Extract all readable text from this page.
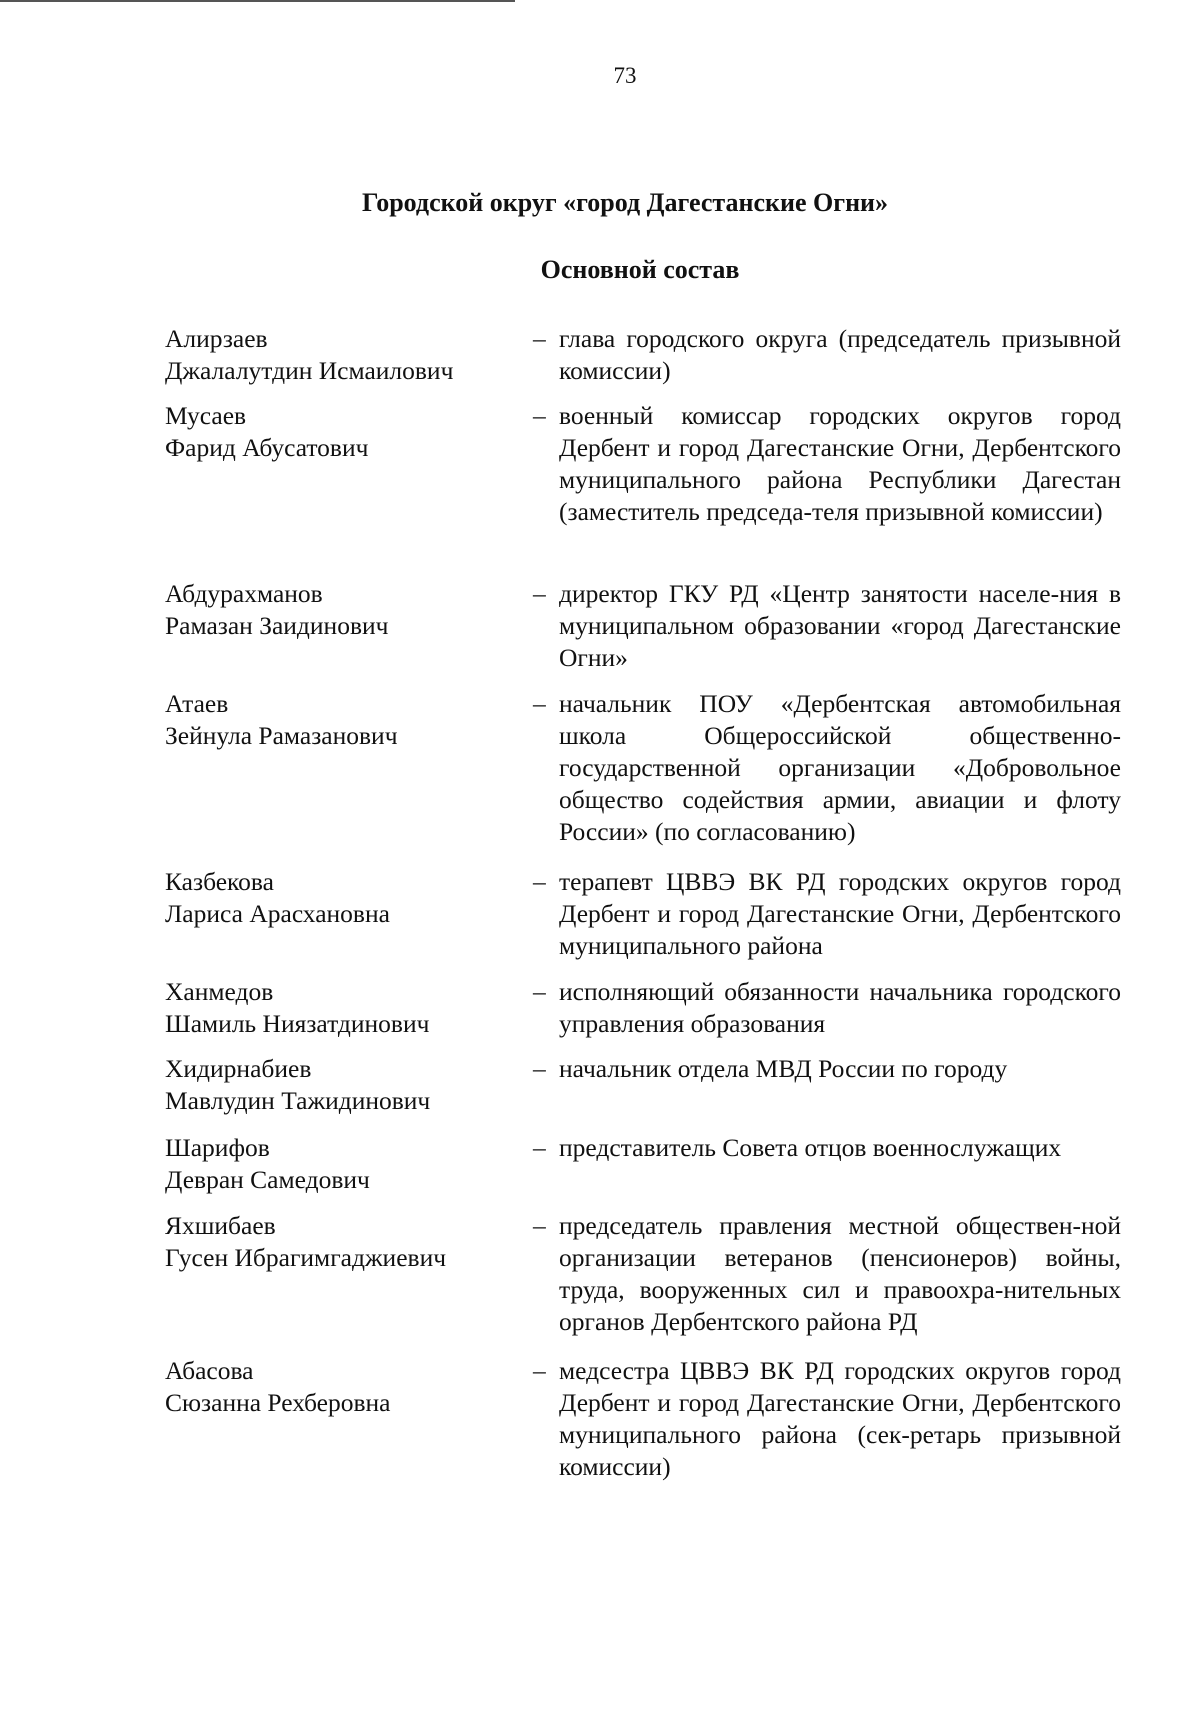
73
Городской округ «город Дагестанские Огни»
Основной состав
Алирзаев
Джалалутдин Исмаилович
– глава городского округа (председатель призывной комиссии)
Мусаев
Фарид Абусатович
– военный комиссар городских округов город Дербент и город Дагестанские Огни, Дербентского муниципального района Республики Дагестан (заместитель председа-теля призывной комиссии)
Абдурахманов
Рамазан Заидинович
– директор ГКУ РД «Центр занятости населе-ния в муниципальном образовании «город Дагестанские Огни»
Атаев
Зейнула Рамазанович
– начальник ПОУ «Дербентская автомобильная школа Общероссийской общественно-государственной организации «Добровольное общество содействия армии, авиации и флоту России» (по согласованию)
Казбекова
Лариса Арасхановна
– терапевт ЦВВЭ ВК РД городских округов город Дербент и город Дагестанские Огни, Дербентского муниципального района
Ханмедов
Шамиль Ниязатдинович
– исполняющий обязанности начальника городского управления образования
Хидирнабиев
Мавлудин Тажидинович
– начальник отдела МВД России по городу
Шарифов
Девран Самедович
– представитель Совета отцов военнослужащих
Яхшибаев
Гусен Ибрагимгаджиевич
– председатель правления местной обществен-ной организации ветеранов (пенсионеров) войны, труда, вооруженных сил и правоохра-нительных органов Дербентского района РД
Абасова
Сюзанна Рехберовна
– медсестра ЦВВЭ ВК РД городских округов город Дербент и город Дагестанские Огни, Дербентского муниципального района (сек-ретарь призывной комиссии)
